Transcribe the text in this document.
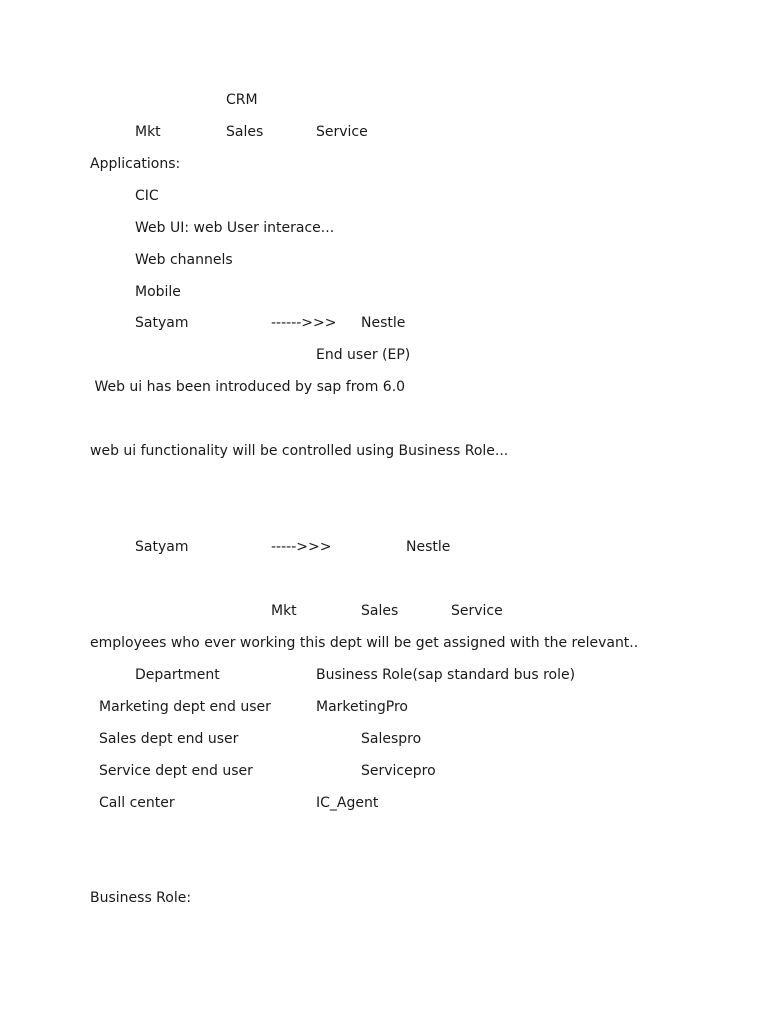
CRM
Mkt	Sales	Service
Applications:
CIC
Web UI: web User interace...
Web channels
Mobile
Satyam	------>>> Nestle
End user (EP)
Web ui has been introduced by sap from 6.0
web ui functionality will be controlled using Business Role...
Satyam	----->>>	Nestle
Mkt	Sales	Service
employees who ever working this dept will be get assigned with the relevant..
Department	Business Role(sap standard bus role)
Marketing dept end user	MarketingPro
Sales dept end user	Salespro
Service dept end user	Servicepro
Call center	IC_Agent
Business Role:
